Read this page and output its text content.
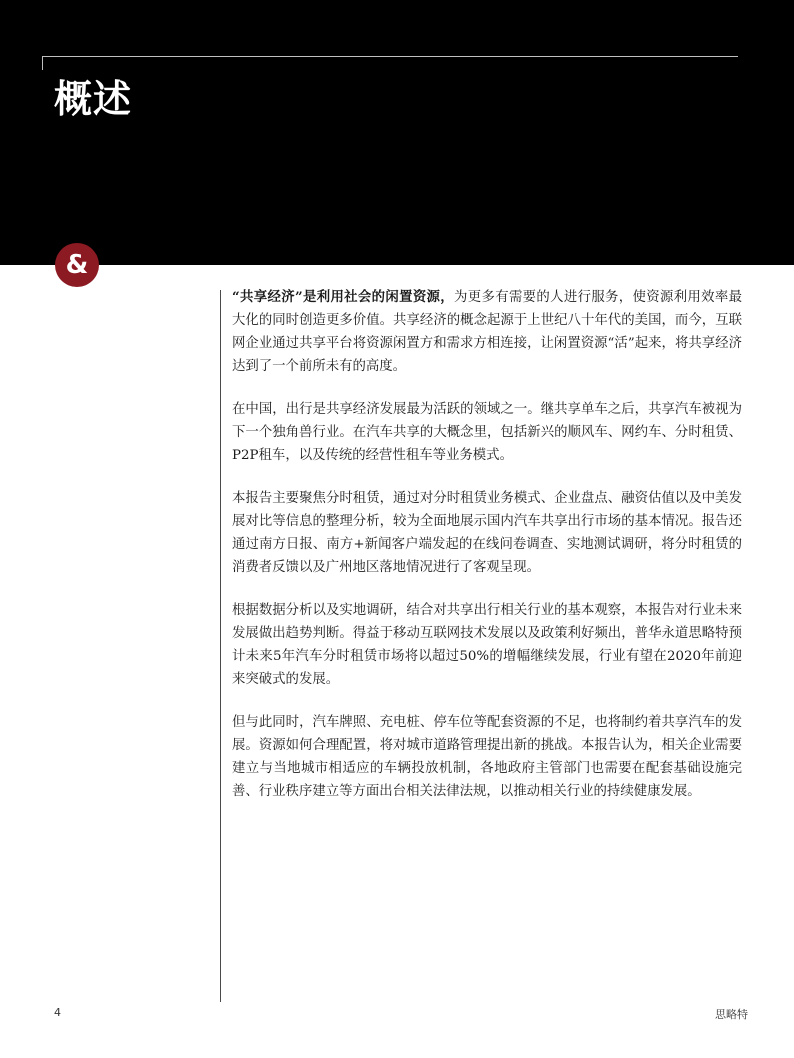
概述
&

“共享经济”是利用社会的闲置资源，为更多有需要的人进行服务，使资源利用效率最大化的同时创造更多价值。共享经济的概念起源于上世纪八十年代的美国，而今，互联网企业通过共享平台将资源闲置方和需求方相连接，让闲置资源“活”起来，将共享经济达到了一个前所未有的高度。

在中国，出行是共享经济发展最为活跃的领域之一。继共享单车之后，共享汽车被视为下一个独角兽行业。在汽车共享的大概念里，包括新兴的顺风车、网约车、分时租赁、P2P租车，以及传统的经营性租车等业务模式。

本报告主要聚焦分时租赁，通过对分时租赁业务模式、企业盘点、融资估值以及中美发展对比等信息的整理分析，较为全面地展示国内汽车共享出行市场的基本情况。报告还通过南方日报、南方+新闻客户端发起的在线问卷调查、实地测试调研，将分时租赁的消费者反馈以及广州地区落地情况进行了客观呈现。

根据数据分析以及实地调研，结合对共享出行相关行业的基本观察，本报告对行业未来发展做出趋势判断。得益于移动互联网技术发展以及政策利好频出，普华永道思略特预计未来5年汽车分时租赁市场将以超过50%的增幅继续发展，行业有望在2020年前迎来突破式的发展。

但与此同时，汽车牌照、充电桩、停车位等配套资源的不足，也将制约着共享汽车的发展。资源如何合理配置，将对城市道路管理提出新的挑战。本报告认为，相关企业需要建立与当地城市相适应的车辆投放机制，各地政府主管部门也需要在配套基础设施完善、行业秩序建立等方面出台相关法律法规，以推动相关行业的持续健康发展。

4	思略特
